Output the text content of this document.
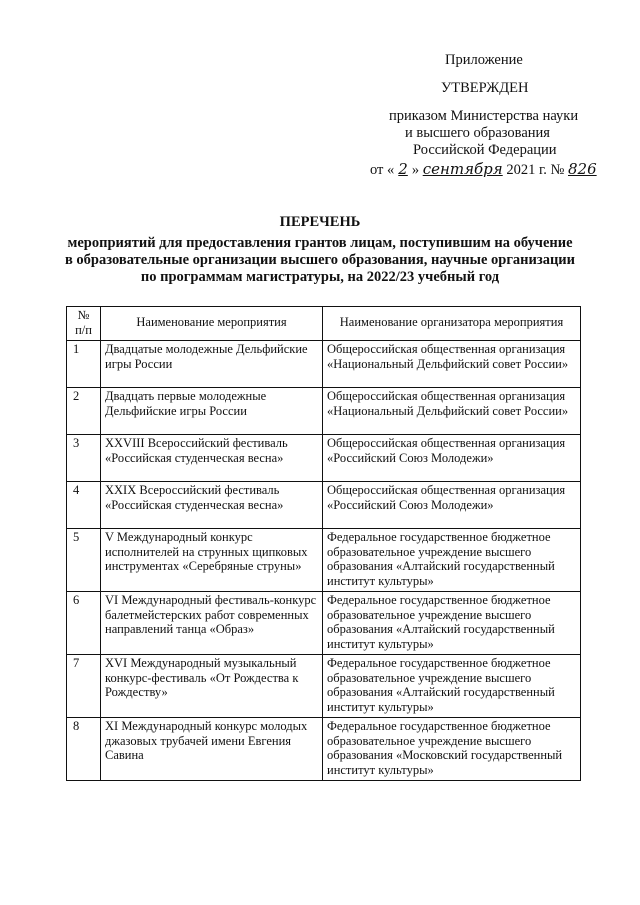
Приложение
УТВЕРЖДЕН
приказом Министерства науки
и высшего образования
Российской Федерации
от « 2 » сентября 2021 г. № 826
ПЕРЕЧЕНЬ
мероприятий для предоставления грантов лицам, поступившим на обучение
в образовательные организации высшего образования, научные организации
по программам магистратуры, на 2022/23 учебный год
№ п/п	Наименование мероприятия	Наименование организатора мероприятия
1	Двадцатые молодежные Дельфийские игры России	Общероссийская общественная организация «Национальный Дельфийский совет России»
2	Двадцать первые молодежные Дельфийские игры России	Общероссийская общественная организация «Национальный Дельфийский совет России»
3	XXVIII Всероссийский фестиваль «Российская студенческая весна»	Общероссийская общественная организация «Российский Союз Молодежи»
4	XXIX Всероссийский фестиваль «Российская студенческая весна»	Общероссийская общественная организация «Российский Союз Молодежи»
5	V Международный конкурс исполнителей на струнных щипковых инструментах «Серебряные струны»	Федеральное государственное бюджетное образовательное учреждение высшего образования «Алтайский государственный институт культуры»
6	VI Международный фестиваль-конкурс балетмейстерских работ современных направлений танца «Образ»	Федеральное государственное бюджетное образовательное учреждение высшего образования «Алтайский государственный институт культуры»
7	XVI Международный музыкальный конкурс-фестиваль «От Рождества к Рождеству»	Федеральное государственное бюджетное образовательное учреждение высшего образования «Алтайский государственный институт культуры»
8	XI Международный конкурс молодых джазовых трубачей имени Евгения Савина	Федеральное государственное бюджетное образовательное учреждение высшего образования «Московский государственный институт культуры»
